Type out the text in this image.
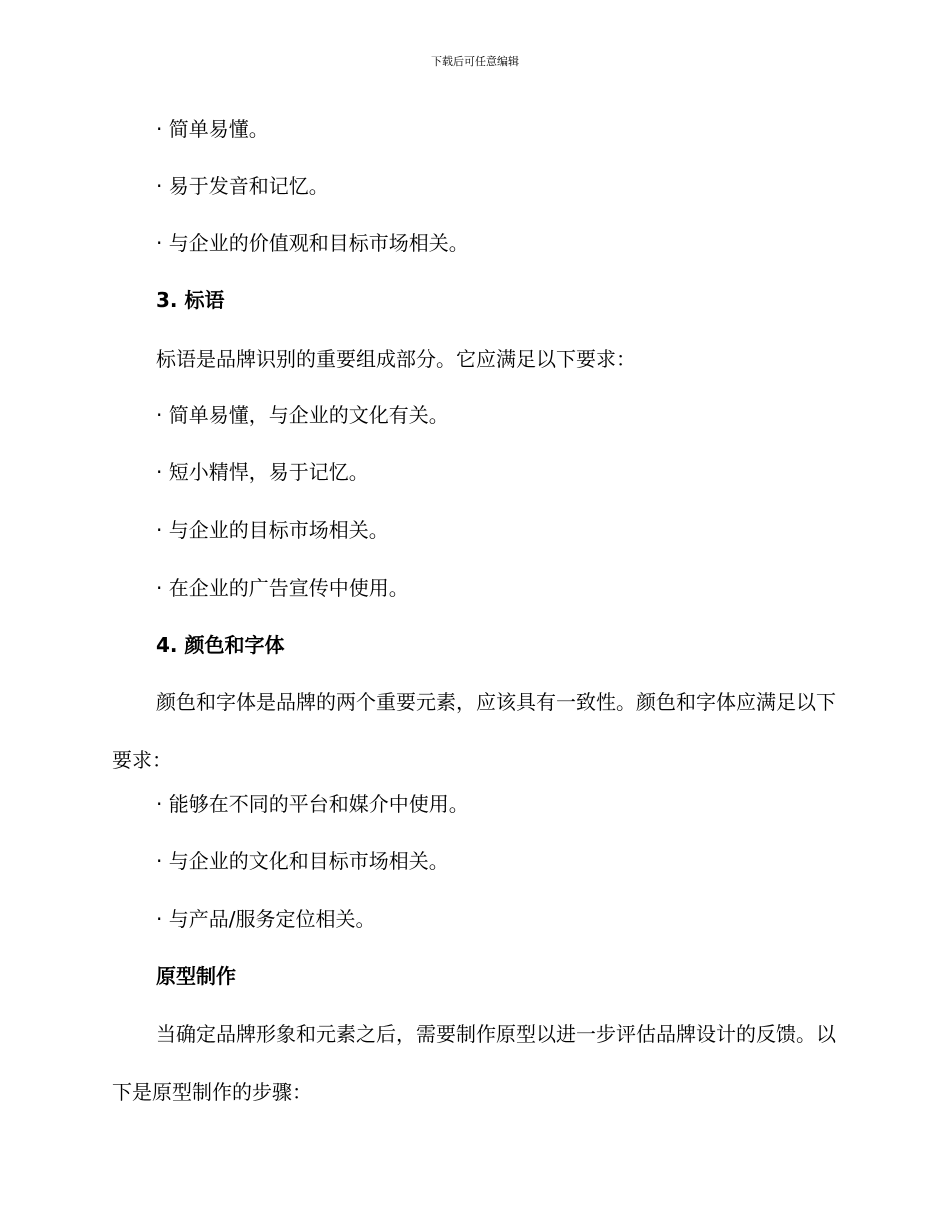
下载后可任意编辑
· 简单易懂。
· 易于发音和记忆。
· 与企业的价值观和目标市场相关。
3. 标语
标语是品牌识别的重要组成部分。它应满足以下要求：
· 简单易懂，与企业的文化有关。
· 短小精悍，易于记忆。
· 与企业的目标市场相关。
· 在企业的广告宣传中使用。
4. 颜色和字体
颜色和字体是品牌的两个重要元素，应该具有一致性。颜色和字体应满足以下要求：
· 能够在不同的平台和媒介中使用。
· 与企业的文化和目标市场相关。
· 与产品/服务定位相关。
原型制作
当确定品牌形象和元素之后，需要制作原型以进一步评估品牌设计的反馈。以下是原型制作的步骤：
